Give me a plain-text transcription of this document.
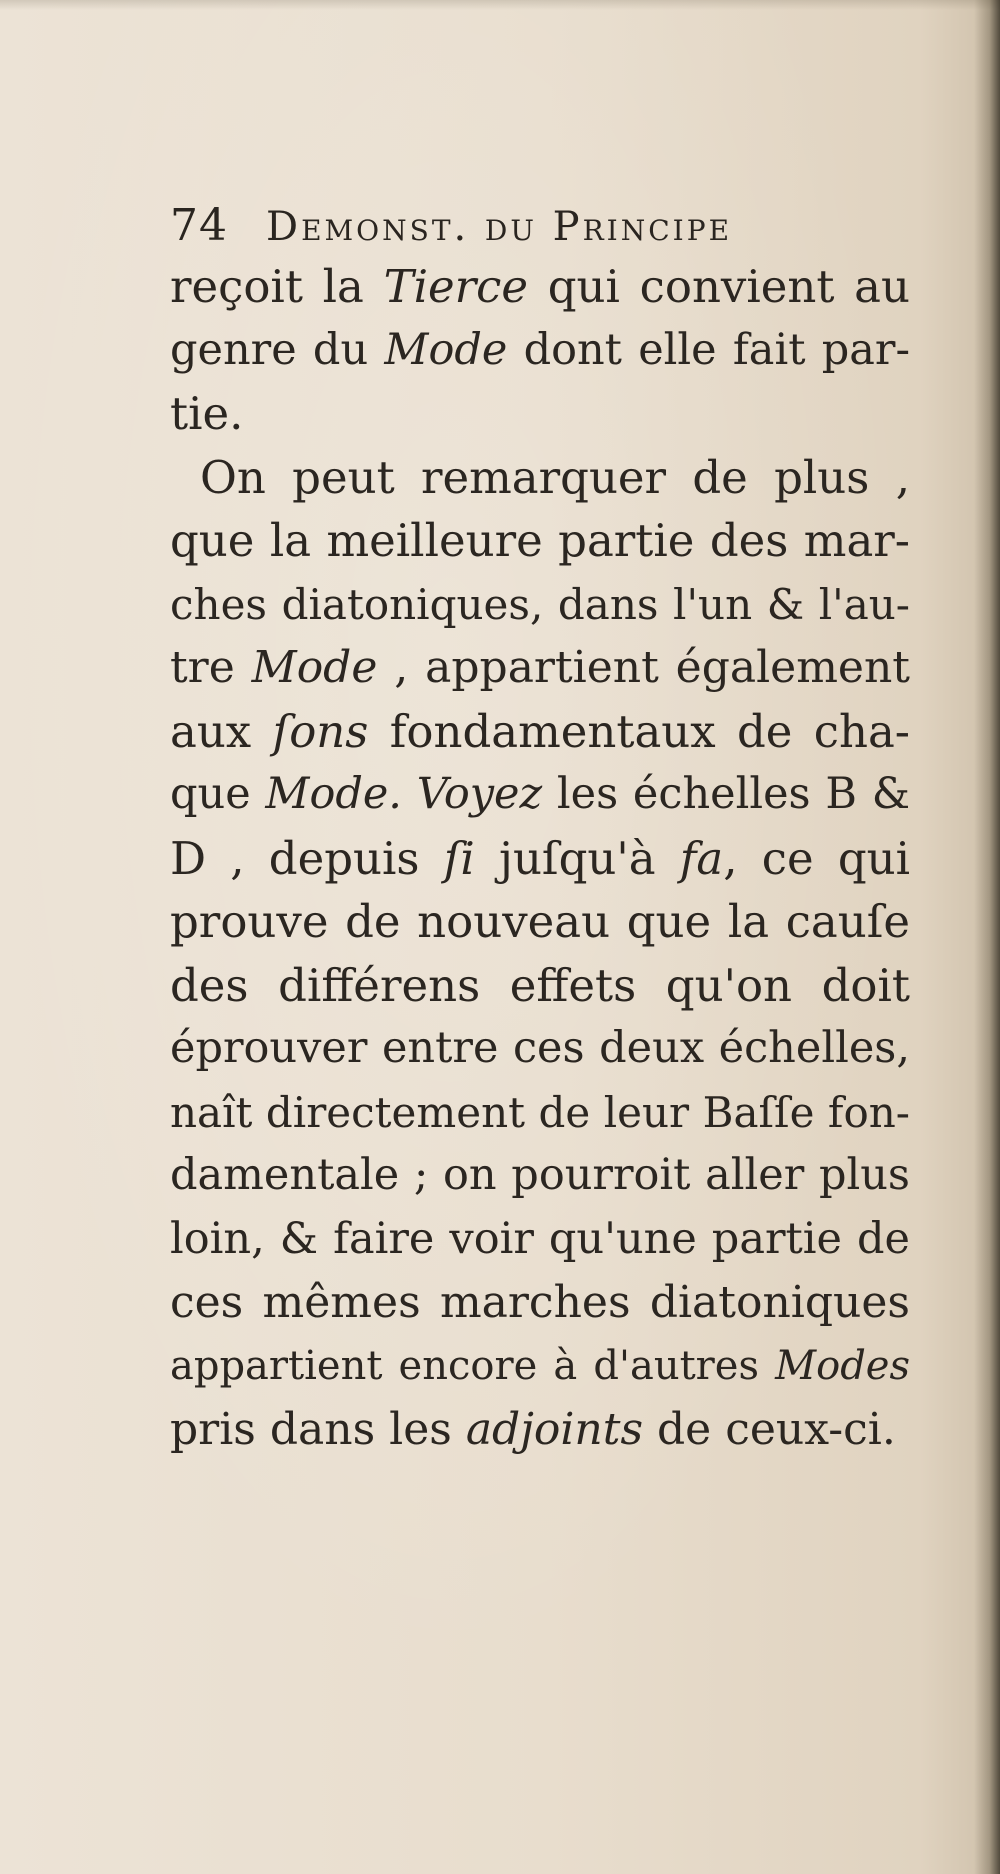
74 Demonst. du Principe
reçoit la Tierce qui convient au
genre du Mode dont elle fait par-
tie.
On peut remarquer de plus ,
que la meilleure partie des mar-
ches diatoniques, dans l'un & l'au-
tre Mode , appartient également
aux ſons fondamentaux de cha-
que Mode. Voyez les échelles B &
D , depuis ſi juſqu'à fa, ce qui
prouve de nouveau que la cauſe
des différens effets qu'on doit
éprouver entre ces deux échelles,
naît directement de leur Baſſe fon-
damentale ; on pourroit aller plus
loin, & faire voir qu'une partie de
ces mêmes marches diatoniques
appartient encore à d'autres Modes
pris dans les adjoints de ceux-ci.
